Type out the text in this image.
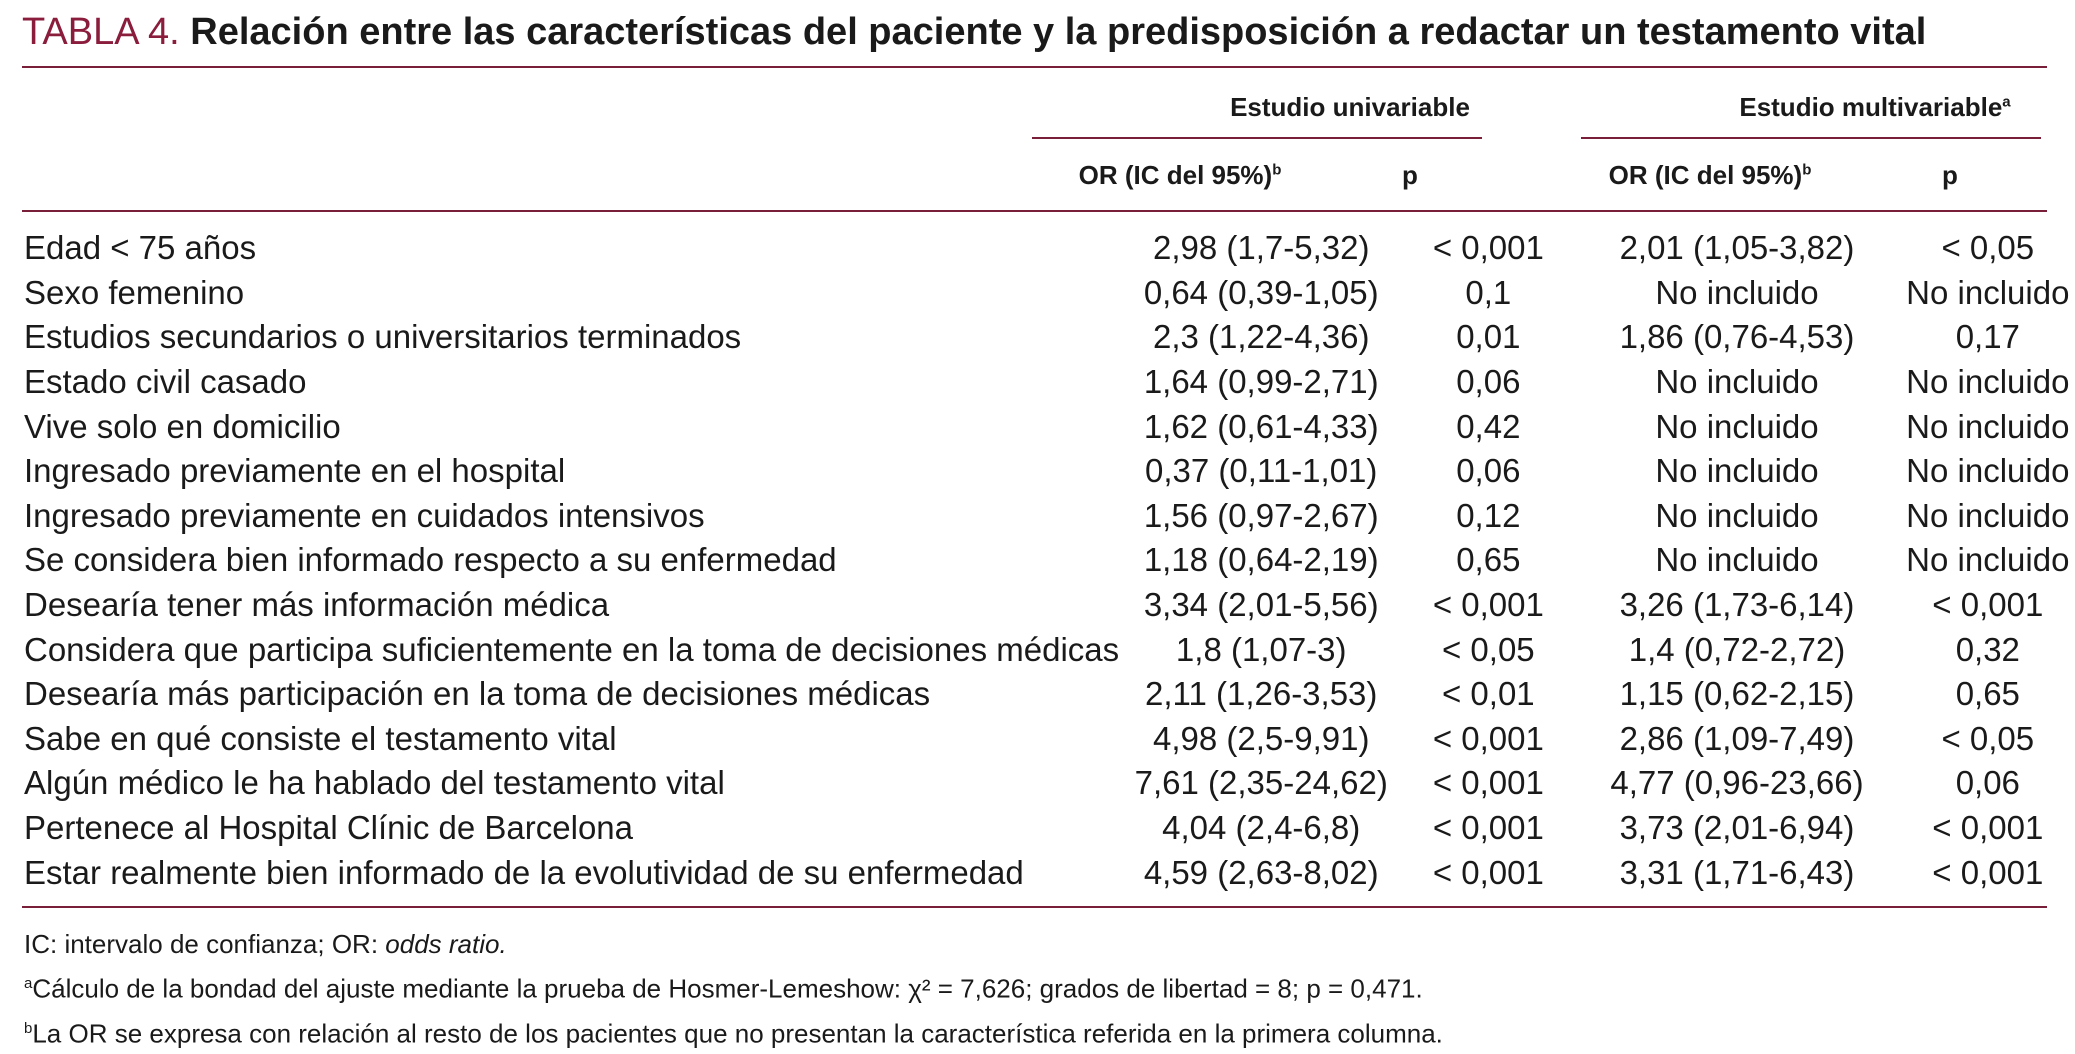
TABLA 4. Relación entre las características del paciente y la predisposición a redactar un testamento vital
Estudio univariable	Estudio multivariable$^a$
OR (IC del 95%)$^b$	p	OR (IC del 95%)$^b$	p
Edad < 75 años	2,98 (1,7-5,32)	< 0,001	2,01 (1,05-3,82)	< 0,05
Sexo femenino	0,64 (0,39-1,05)	0,1	No incluido	No incluido
Estudios secundarios o universitarios terminados	2,3 (1,22-4,36)	0,01	1,86 (0,76-4,53)	0,17
Estado civil casado	1,64 (0,99-2,71)	0,06	No incluido	No incluido
Vive solo en domicilio	1,62 (0,61-4,33)	0,42	No incluido	No incluido
Ingresado previamente en el hospital	0,37 (0,11-1,01)	0,06	No incluido	No incluido
Ingresado previamente en cuidados intensivos	1,56 (0,97-2,67)	0,12	No incluido	No incluido
Se considera bien informado respecto a su enfermedad	1,18 (0,64-2,19)	0,65	No incluido	No incluido
Desearía tener más información médica	3,34 (2,01-5,56)	< 0,001	3,26 (1,73-6,14)	< 0,001
Considera que participa suficientemente en la toma de decisiones médicas	1,8 (1,07-3)	< 0,05	1,4 (0,72-2,72)	0,32
Desearía más participación en la toma de decisiones médicas	2,11 (1,26-3,53)	< 0,01	1,15 (0,62-2,15)	0,65
Sabe en qué consiste el testamento vital	4,98 (2,5-9,91)	< 0,001	2,86 (1,09-7,49)	< 0,05
Algún médico le ha hablado del testamento vital	7,61 (2,35-24,62)	< 0,001	4,77 (0,96-23,66)	0,06
Pertenece al Hospital Clínic de Barcelona	4,04 (2,4-6,8)	< 0,001	3,73 (2,01-6,94)	< 0,001
Estar realmente bien informado de la evolutividad de su enfermedad	4,59 (2,63-8,02)	< 0,001	3,31 (1,71-6,43)	< 0,001
IC: intervalo de confianza; OR: odds ratio.
$^a$Cálculo de la bondad del ajuste mediante la prueba de Hosmer-Lemeshow: χ² = 7,626; grados de libertad = 8; p = 0,471.
$^b$La OR se expresa con relación al resto de los pacientes que no presentan la característica referida en la primera columna.
